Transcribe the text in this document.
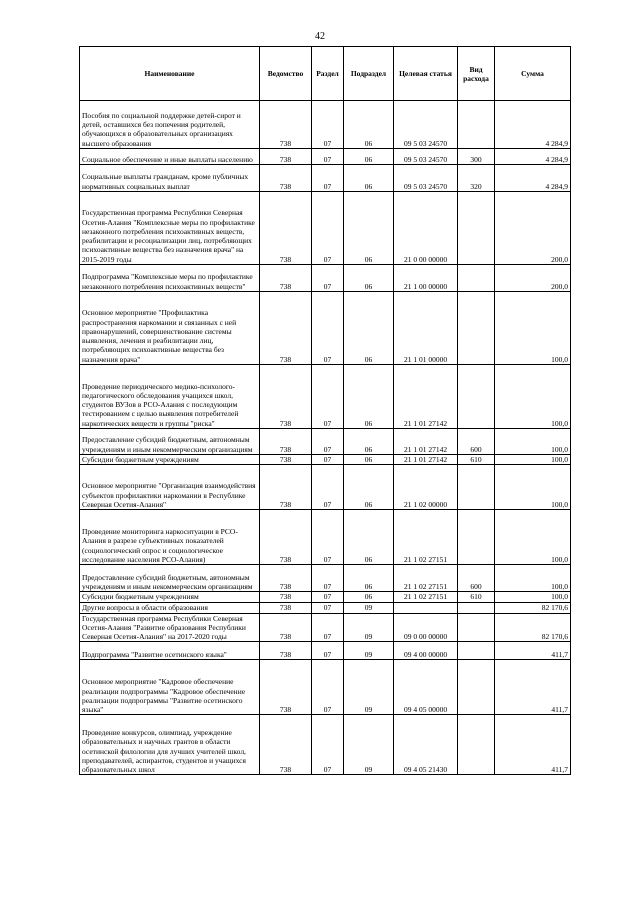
42
Наименование	Ведомство	Раздел	Подраздел	Целевая статья	Вид расхода	Сумма
Пособия по социальной поддержке детей-сирот и детей, оставшихся без попечения родителей, обучающихся в образовательных организациях высшего образования	738	07	06	09 5 03 24570		4 284,9
Социальное обеспечение и иные выплаты населению	738	07	06	09 5 03 24570	300	4 284,9
Социальные выплаты гражданам, кроме публичных нормативных социальных выплат	738	07	06	09 5 03 24570	320	4 284,9
Государственная программа Республики Северная Осетия-Алания "Комплексные меры по профилактике незаконного потребления психоактивных веществ, реабилитации и ресоциализации лиц, потребляющих психоактивные вещества без назначения врача" на 2015-2019 годы	738	07	06	21 0 00 00000		200,0
Подпрограмма "Комплексные меры по профилактике незаконного потребления психоактивных веществ"	738	07	06	21 1 00 00000		200,0
Основное мероприятие "Профилактика распространения наркомании и связанных с ней правонарушений, совершенствование системы выявления, лечения и реабилитации лиц, потребляющих психоактивные вещества без назначения врача"	738	07	06	21 1 01 00000		100,0
Проведение периодического медико-психолого-педагогического обследования учащихся школ, студентов ВУЗов в РСО-Алания с последующим тестированием с целью выявления потребителей наркотических веществ и группы "риска"	738	07	06	21 1 01 27142		100,0
Предоставление субсидий бюджетным, автономным учреждениям и иным некоммерческим организациям	738	07	06	21 1 01 27142	600	100,0
Субсидии бюджетным учреждениям	738	07	06	21 1 01 27142	610	100,0
Основное мероприятие "Организация взаимодействия субъектов профилактики наркомании в Республике Северная Осетия-Алания"	738	07	06	21 1 02 00000		100,0
Проведение мониторинга наркоситуации в РСО-Алания в разрезе субъективных показателей (социологический опрос и социологическое исследование населения РСО-Алания)	738	07	06	21 1 02 27151		100,0
Предоставление субсидий бюджетным, автономным учреждениям и иным некоммерческим организациям	738	07	06	21 1 02 27151	600	100,0
Субсидии бюджетным учреждениям	738	07	06	21 1 02 27151	610	100,0
Другие вопросы в области образования	738	07	09			82 170,6
Государственная программа Республики Северная Осетия-Алания "Развитие образования Республики Северная Осетия-Алания" на 2017-2020 годы	738	07	09	09 0 00 00000		82 170,6
Подпрограмма "Развитие осетинского языка"	738	07	09	09 4 00 00000		411,7
Основное мероприятие "Кадровое обеспечение реализации подпрограммы "Кадровое обеспечение реализации подпрограммы "Развитие осетинского языка"	738	07	09	09 4 05 00000		411,7
Проведение конкурсов, олимпиад, учреждение образовательных и научных грантов в области осетинской филологии для лучших учителей школ, преподавателей, аспирантов, студентов и учащихся образовательных школ	738	07	09	09 4 05 21430		411,7
